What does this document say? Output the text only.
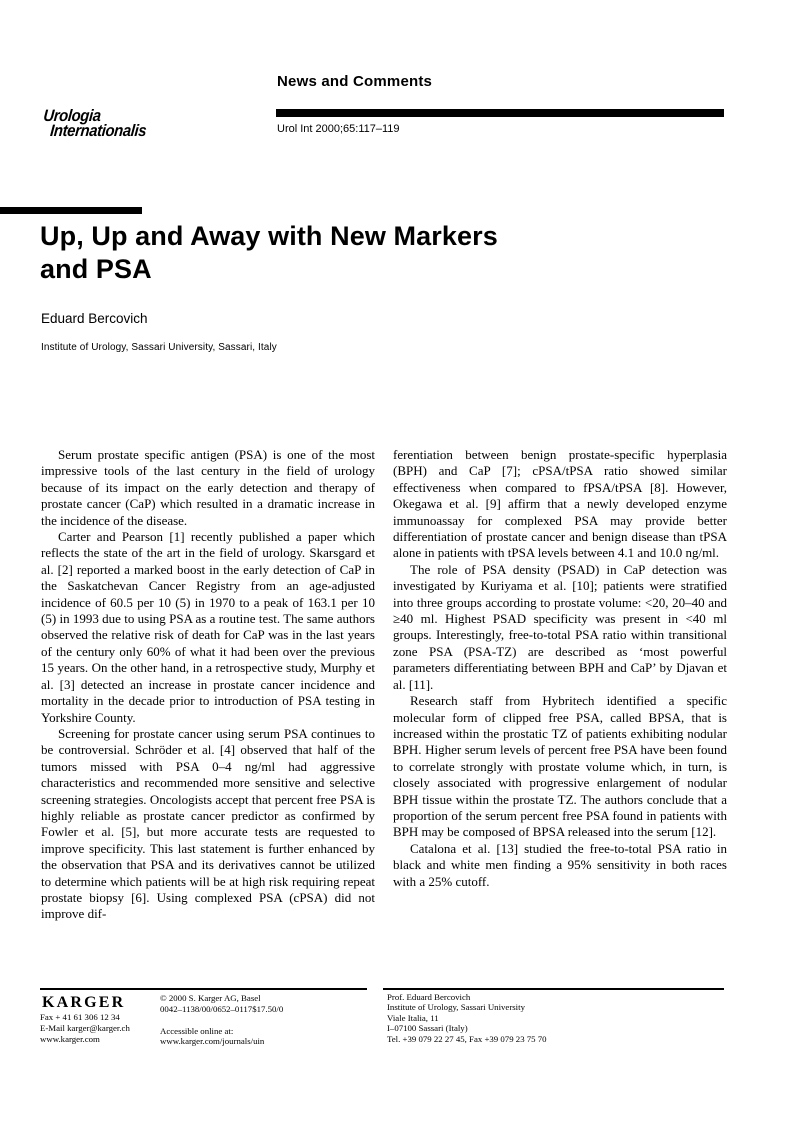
Urologia
Internationalis
News and Comments
Urol Int 2000;65:117–119
Up, Up and Away with New Markers
and PSA
Eduard Bercovich
Institute of Urology, Sassari University, Sassari, Italy

Serum prostate specific antigen (PSA) is one of the most impressive tools of the last century in the field of urology because of its impact on the early detection and therapy of prostate cancer (CaP) which resulted in a dramatic increase in the incidence of the disease.

Carter and Pearson [1] recently published a paper which reflects the state of the art in the field of urology. Skarsgard et al. [2] reported a marked boost in the early detection of CaP in the Saskatchevan Cancer Registry from an age-adjusted incidence of 60.5 per 10 (5) in 1970 to a peak of 163.1 per 10 (5) in 1993 due to using PSA as a routine test. The same authors observed the relative risk of death for CaP was in the last years of the century only 60% of what it had been over the previous 15 years. On the other hand, in a retrospective study, Murphy et al. [3] detected an increase in prostate cancer incidence and mortality in the decade prior to introduction of PSA testing in Yorkshire County.

Screening for prostate cancer using serum PSA continues to be controversial. Schröder et al. [4] observed that half of the tumors missed with PSA 0–4 ng/ml had aggressive characteristics and recommended more sensitive and selective screening strategies. Oncologists accept that percent free PSA is highly reliable as prostate cancer predictor as confirmed by Fowler et al. [5], but more accurate tests are requested to improve specificity. This last statement is further enhanced by the observation that PSA and its derivatives cannot be utilized to determine which patients will be at high risk requiring repeat prostate biopsy [6]. Using complexed PSA (cPSA) did not improve dif-

ferentiation between benign prostate-specific hyperplasia (BPH) and CaP [7]; cPSA/tPSA ratio showed similar effectiveness when compared to fPSA/tPSA [8]. However, Okegawa et al. [9] affirm that a newly developed enzyme immunoassay for complexed PSA may provide better differentiation of prostate cancer and benign disease than tPSA alone in patients with tPSA levels between 4.1 and 10.0 ng/ml.

The role of PSA density (PSAD) in CaP detection was investigated by Kuriyama et al. [10]; patients were stratified into three groups according to prostate volume: <20, 20–40 and ≥40 ml. Highest PSAD specificity was present in <40 ml groups. Interestingly, free-to-total PSA ratio within transitional zone PSA (PSA-TZ) are described as ‘most powerful parameters differentiating between BPH and CaP’ by Djavan et al. [11].

Research staff from Hybritech identified a specific molecular form of clipped free PSA, called BPSA, that is increased within the prostatic TZ of patients exhibiting nodular BPH. Higher serum levels of percent free PSA have been found to correlate strongly with prostate volume which, in turn, is closely associated with progressive enlargement of nodular BPH tissue within the prostate TZ. The authors conclude that a proportion of the serum percent free PSA found in patients with BPH may be composed of BPSA released into the serum [12].

Catalona et al. [13] studied the free-to-total PSA ratio in black and white men finding a 95% sensitivity in both races with a 25% cutoff.

KARGER
Fax + 41 61 306 12 34
E-Mail karger@karger.ch
www.karger.com
© 2000 S. Karger AG, Basel
0042–1138/00/0652–0117$17.50/0
Accessible online at:
www.karger.com/journals/uin
Prof. Eduard Bercovich
Institute of Urology, Sassari University
Viale Italia, 11
I–07100 Sassari (Italy)
Tel. +39 079 22 27 45, Fax +39 079 23 75 70
